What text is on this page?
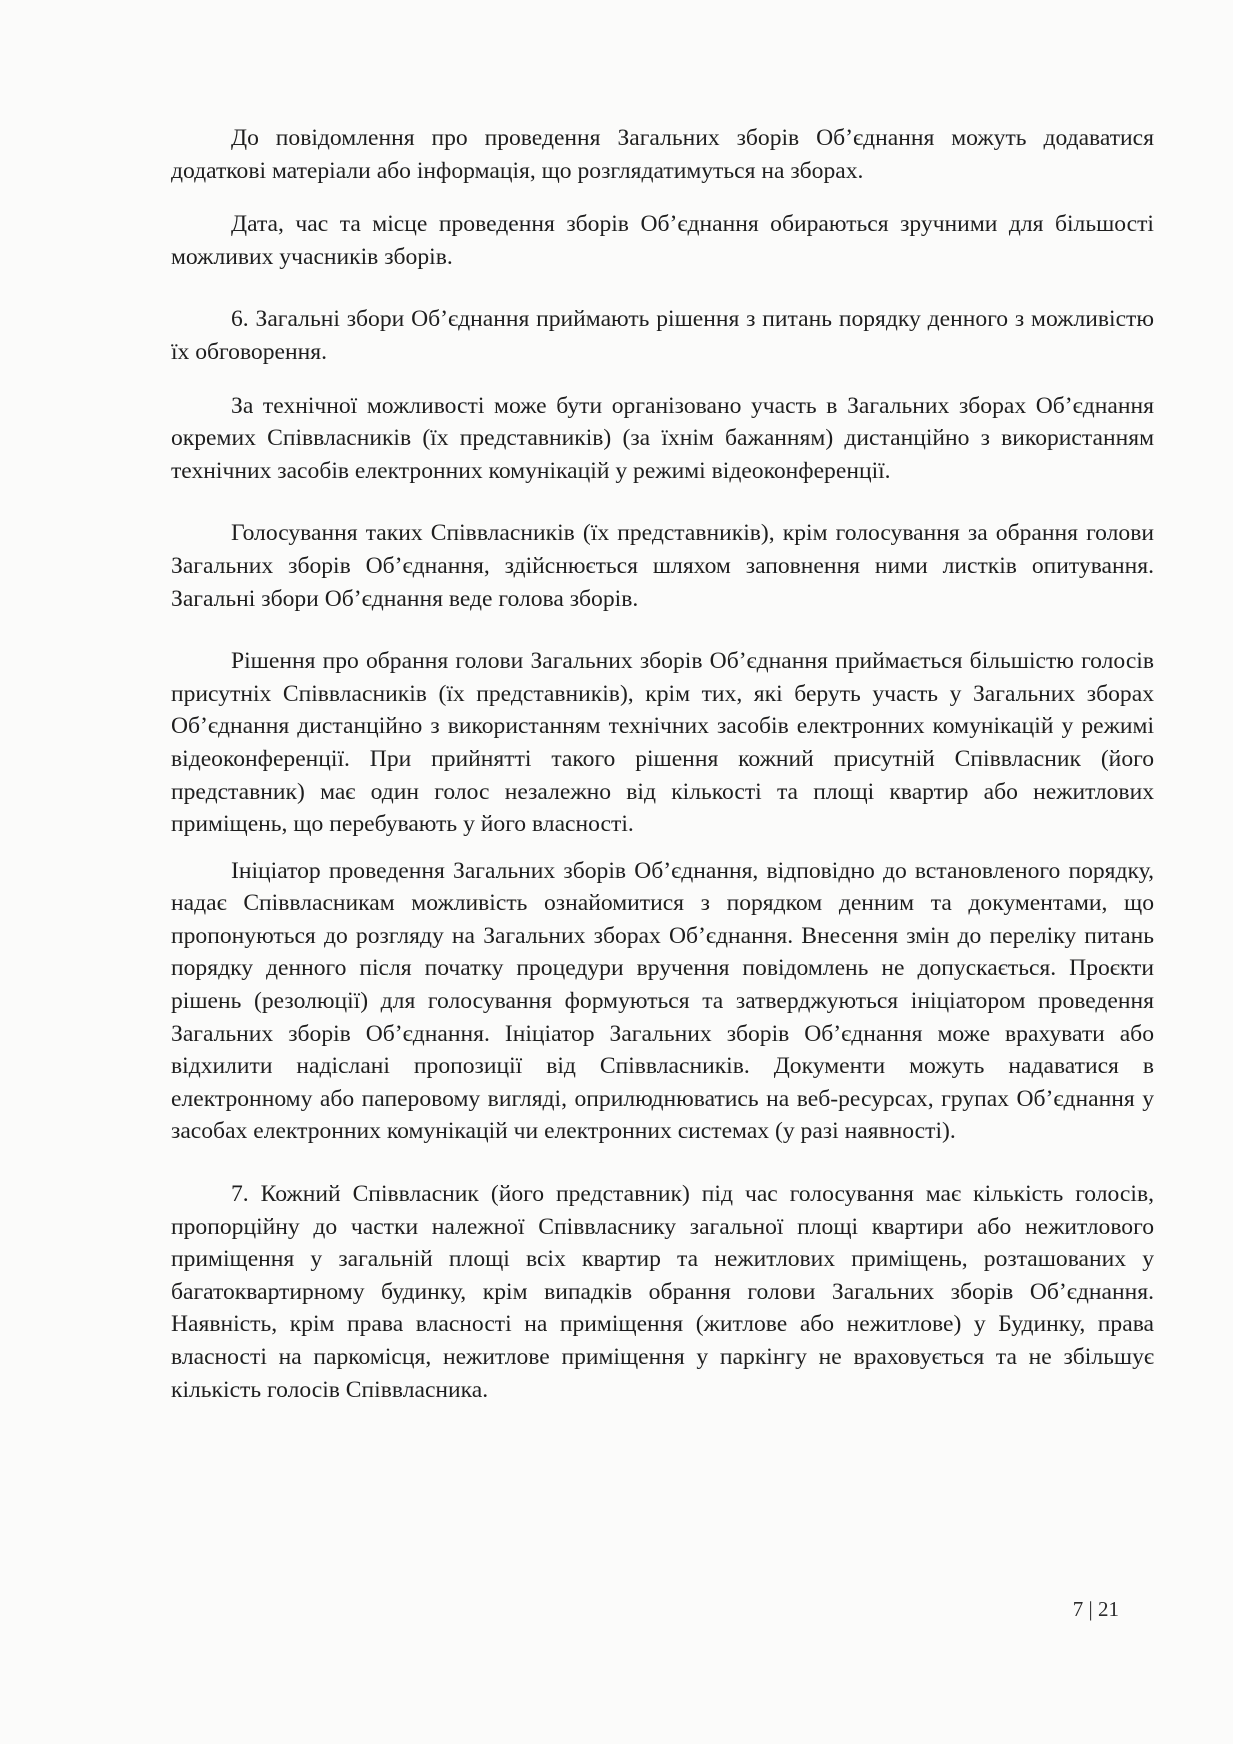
До повідомлення про проведення Загальних зборів Об’єднання можуть додаватися додаткові матеріали або інформація, що розглядатимуться на зборах.

Дата, час та місце проведення зборів Об’єднання обираються зручними для більшості можливих учасників зборів.

6. Загальні збори Об’єднання приймають рішення з питань порядку денного з можливістю їх обговорення.

За технічної можливості може бути організовано участь в Загальних зборах Об’єднання окремих Співвласників (їх представників) (за їхнім бажанням) дистанційно з використанням технічних засобів електронних комунікацій у режимі відеоконференції.

Голосування таких Співвласників (їх представників), крім голосування за обрання голови Загальних зборів Об’єднання, здійснюється шляхом заповнення ними листків опитування. Загальні збори Об’єднання веде голова зборів.

Рішення про обрання голови Загальних зборів Об’єднання приймається більшістю голосів присутніх Співвласників (їх представників), крім тих, які беруть участь у Загальних зборах Об’єднання дистанційно з використанням технічних засобів електронних комунікацій у режимі відеоконференції. При прийнятті такого рішення кожний присутній Співвласник (його представник) має один голос незалежно від кількості та площі квартир або нежитлових приміщень, що перебувають у його власності.

Ініціатор проведення Загальних зборів Об’єднання, відповідно до встановленого порядку, надає Співвласникам можливість ознайомитися з порядком денним та документами, що пропонуються до розгляду на Загальних зборах Об’єднання. Внесення змін до переліку питань порядку денного після початку процедури вручення повідомлень не допускається. Проєкти рішень (резолюції) для голосування формуються та затверджуються ініціатором проведення Загальних зборів Об’єднання. Ініціатор Загальних зборів Об’єднання може врахувати або відхилити надіслані пропозиції від Співвласників. Документи можуть надаватися в електронному або паперовому вигляді, оприлюднюватись на веб-ресурсах, групах Об’єднання у засобах електронних комунікацій чи електронних системах (у разі наявності).

7. Кожний Співвласник (його представник) під час голосування має кількість голосів, пропорційну до частки належної Співвласнику загальної площі квартири або нежитлового приміщення у загальній площі всіх квартир та нежитлових приміщень, розташованих у багатоквартирному будинку, крім випадків обрання голови Загальних зборів Об’єднання. Наявність, крім права власності на приміщення (житлове або нежитлове) у Будинку, права власності на паркомісця, нежитлове приміщення у паркінгу не враховується та не збільшує кількість голосів Співвласника.

7 | 21
